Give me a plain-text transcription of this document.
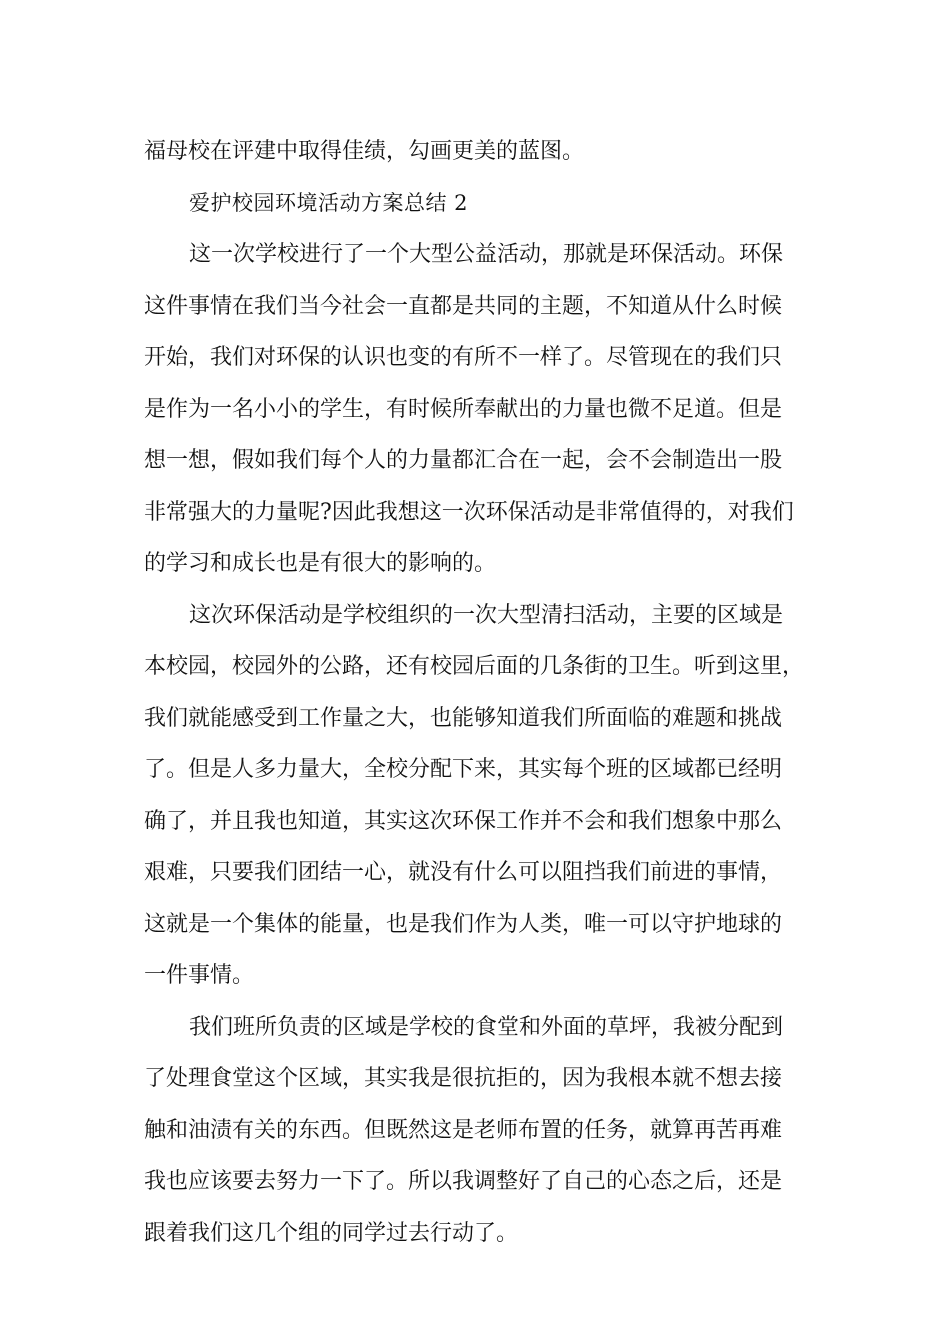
福母校在评建中取得佳绩，勾画更美的蓝图。
爱护校园环境活动方案总结 2
这一次学校进行了一个大型公益活动，那就是环保活动。环保
这件事情在我们当今社会一直都是共同的主题，不知道从什么时候
开始，我们对环保的认识也变的有所不一样了。尽管现在的我们只
是作为一名小小的学生，有时候所奉献出的力量也微不足道。但是
想一想，假如我们每个人的力量都汇合在一起，会不会制造出一股
非常强大的力量呢?因此我想这一次环保活动是非常值得的，对我们
的学习和成长也是有很大的影响的。
这次环保活动是学校组织的一次大型清扫活动，主要的区域是
本校园，校园外的公路，还有校园后面的几条街的卫生。听到这里，
我们就能感受到工作量之大，也能够知道我们所面临的难题和挑战
了。但是人多力量大，全校分配下来，其实每个班的区域都已经明
确了，并且我也知道，其实这次环保工作并不会和我们想象中那么
艰难，只要我们团结一心，就没有什么可以阻挡我们前进的事情，
这就是一个集体的能量，也是我们作为人类，唯一可以守护地球的
一件事情。
我们班所负责的区域是学校的食堂和外面的草坪，我被分配到
了处理食堂这个区域，其实我是很抗拒的，因为我根本就不想去接
触和油渍有关的东西。但既然这是老师布置的任务，就算再苦再难
我也应该要去努力一下了。所以我调整好了自己的心态之后，还是
跟着我们这几个组的同学过去行动了。
